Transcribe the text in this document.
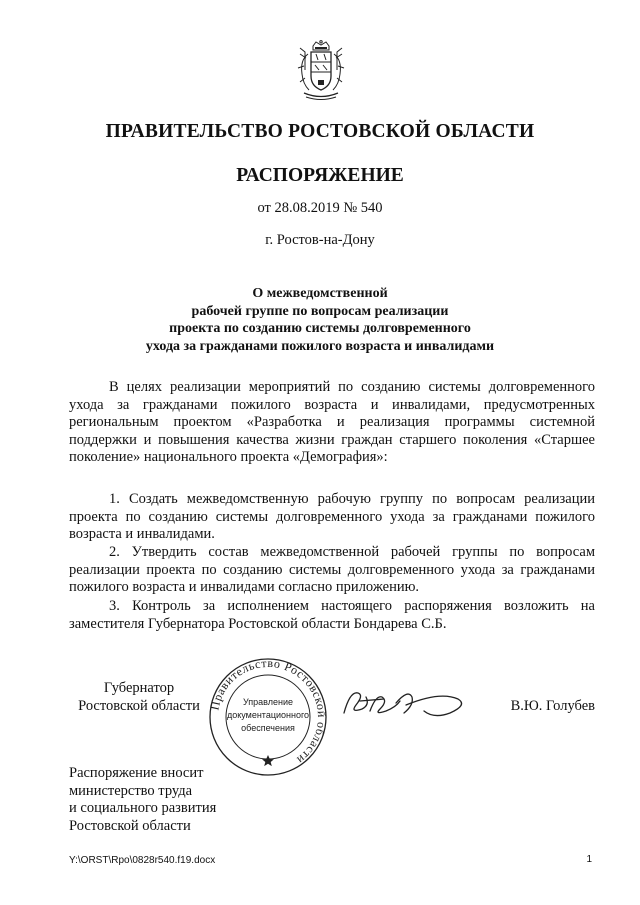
ПРАВИТЕЛЬСТВО РОСТОВСКОЙ ОБЛАСТИ
РАСПОРЯЖЕНИЕ
от 28.08.2019 № 540
г. Ростов-на-Дону
О межведомственной
рабочей группе по вопросам реализации
проекта по созданию системы долговременного
ухода за гражданами пожилого возраста и инвалидами
В целях реализации мероприятий по созданию системы долговременного ухода за гражданами пожилого возраста и инвалидами, предусмотренных региональным проектом «Разработка и реализация программы системной поддержки и повышения качества жизни граждан старшего поколения «Старшее поколение» национального проекта «Демография»:
1. Создать межведомственную рабочую группу по вопросам реализации проекта по созданию системы долговременного ухода за гражданами пожилого возраста и инвалидами.
2. Утвердить состав межведомственной рабочей группы по вопросам реализации проекта по созданию системы долговременного ухода за гражданами пожилого возраста и инвалидами согласно приложению.
3. Контроль за исполнением настоящего распоряжения возложить на заместителя Губернатора Ростовской области Бондарева С.Б.
Губернатор
Ростовской области Правительство Ростовской области
Управление
документационного
обеспечения
В.Ю. Голубев
Распоряжение вносит
министерство труда
и социального развития
Ростовской области
Y:\ORST\Rpo\0828r540.f19.docx	1
